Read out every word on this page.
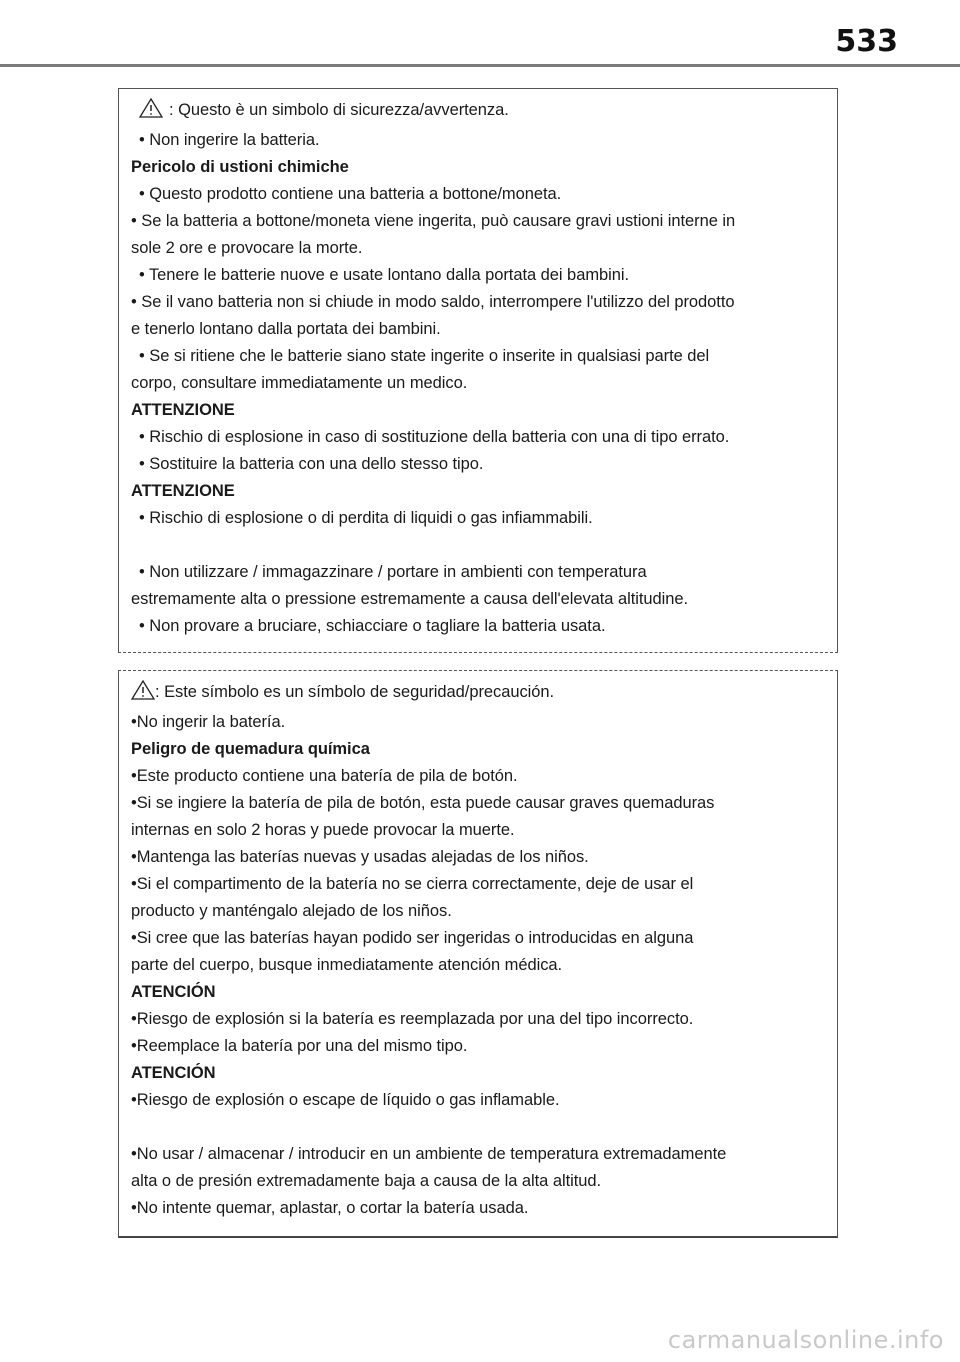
533
: Questo è un simbolo di sicurezza/avvertenza.
• Non ingerire la batteria.
Pericolo di ustioni chimiche
• Questo prodotto contiene una batteria a bottone/moneta.
• Se la batteria a bottone/moneta viene ingerita, può causare gravi ustioni interne in
sole 2 ore e provocare la morte.
• Tenere le batterie nuove e usate lontano dalla portata dei bambini.
• Se il vano batteria non si chiude in modo saldo, interrompere l'utilizzo del prodotto
e tenerlo lontano dalla portata dei bambini.
• Se si ritiene che le batterie siano state ingerite o inserite in qualsiasi parte del
corpo, consultare immediatamente un medico.
ATTENZIONE
• Rischio di esplosione in caso di sostituzione della batteria con una di tipo errato.
• Sostituire la batteria con una dello stesso tipo.
ATTENZIONE
• Rischio di esplosione o di perdita di liquidi o gas infiammabili.
• Non utilizzare / immagazzinare / portare in ambienti con temperatura
estremamente alta o pressione estremamente a causa dell'elevata altitudine.
• Non provare a bruciare, schiacciare o tagliare la batteria usata.
: Este símbolo es un símbolo de seguridad/precaución.
•No ingerir la batería.
Peligro de quemadura química
•Este producto contiene una batería de pila de botón.
•Si se ingiere la batería de pila de botón, esta puede causar graves quemaduras
internas en solo 2 horas y puede provocar la muerte.
•Mantenga las baterías nuevas y usadas alejadas de los niños.
•Si el compartimento de la batería no se cierra correctamente, deje de usar el
producto y manténgalo alejado de los niños.
•Si cree que las baterías hayan podido ser ingeridas o introducidas en alguna
parte del cuerpo, busque inmediatamente atención médica.
ATENCIÓN
•Riesgo de explosión si la batería es reemplazada por una del tipo incorrecto.
•Reemplace la batería por una del mismo tipo.
ATENCIÓN
•Riesgo de explosión o escape de líquido o gas inflamable.
•No usar / almacenar / introducir en un ambiente de temperatura extremadamente
alta o de presión extremadamente baja a causa de la alta altitud.
•No intente quemar, aplastar, o cortar la batería usada.
carmanualsonline.info
